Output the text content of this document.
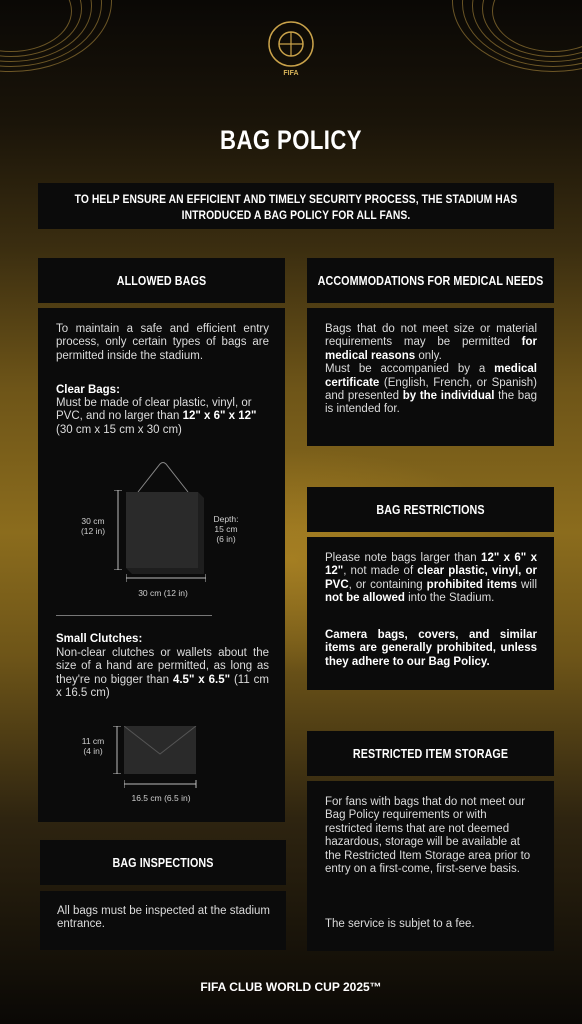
FIFA
BAG POLICY
TO HELP ENSURE AN EFFICIENT AND TIMELY SECURITY PROCESS, THE STADIUM HAS
INTRODUCED A BAG POLICY FOR ALL FANS.
ALLOWED BAGS
To maintain a safe and efficient entry process, only certain types of bags are permitted inside the stadium.
Clear Bags:
Must be made of clear plastic, vinyl, or PVC, and no larger than 12" x 6" x 12"
(30 cm x 15 cm x 30 cm)
30 cm
(12 in)
Depth:
15 cm
(6 in)
30 cm (12 in)
Small Clutches:
Non-clear clutches or wallets about the size of a hand are permitted, as long as they're no bigger than 4.5" x 6.5" (11 cm x 16.5 cm)
11 cm
(4 in)
16.5 cm (6.5 in)
BAG INSPECTIONS
All bags must be inspected at the stadium entrance.
ACCOMMODATIONS FOR MEDICAL NEEDS
Bags that do not meet size or material requirements may be permitted for medical reasons only.
Must be accompanied by a medical certificate (English, French, or Spanish) and presented by the individual the bag is intended for.
BAG RESTRICTIONS
Please note bags larger than 12" x 6" x 12", not made of clear plastic, vinyl, or PVC, or containing prohibited items will not be allowed into the Stadium.
Camera bags, covers, and similar items are generally prohibited, unless they adhere to our Bag Policy.
RESTRICTED ITEM STORAGE
For fans with bags that do not meet our Bag Policy requirements or with restricted items that are not deemed hazardous, storage will be available at the Restricted Item Storage area prior to entry on a first-come, first-serve basis.
The service is subjet to a fee.
FIFA CLUB WORLD CUP 2025™
